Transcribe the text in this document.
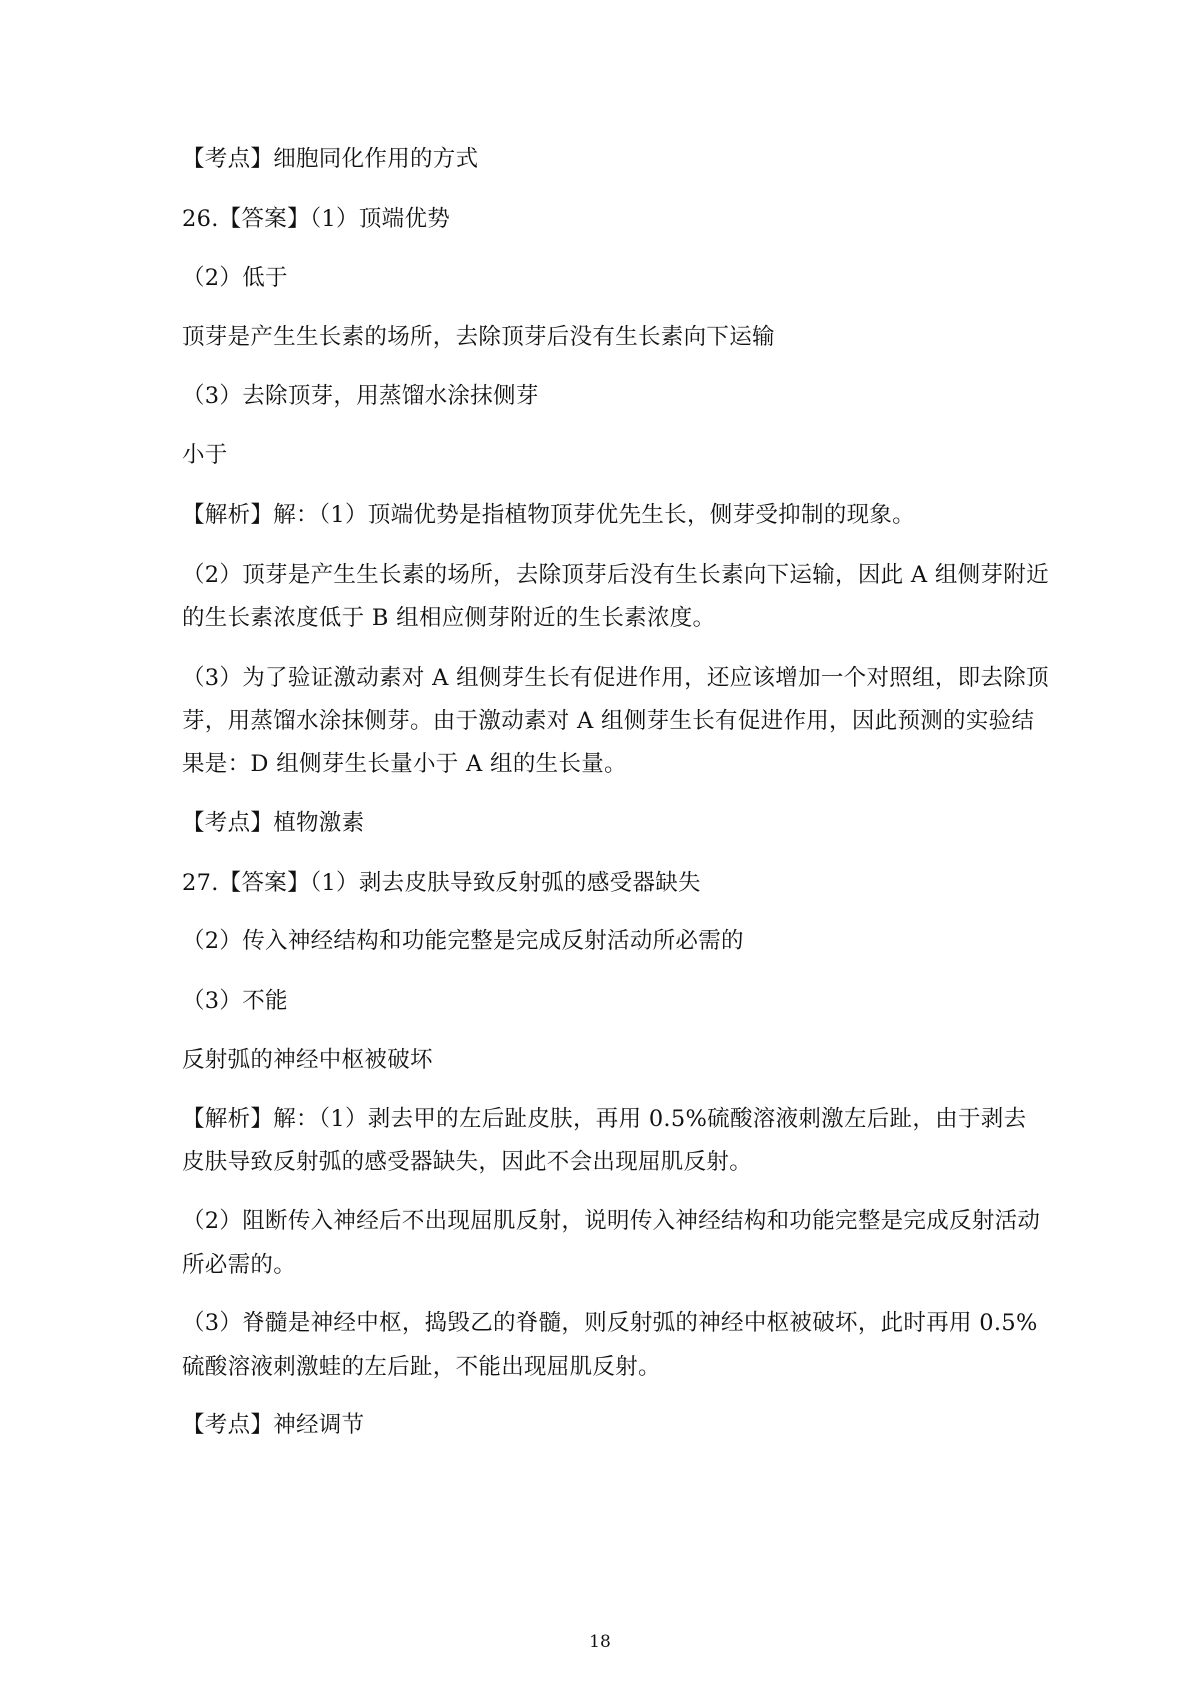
【考点】细胞同化作用的方式
26.【答案】（1）顶端优势
（2）低于
顶芽是产生生长素的场所，去除顶芽后没有生长素向下运输
（3）去除顶芽，用蒸馏水涂抹侧芽
小于
【解析】解：（1）顶端优势是指植物顶芽优先生长，侧芽受抑制的现象。
（2）顶芽是产生生长素的场所，去除顶芽后没有生长素向下运输，因此 A 组侧芽附近
的生长素浓度低于 B 组相应侧芽附近的生长素浓度。
（3）为了验证激动素对 A 组侧芽生长有促进作用，还应该增加一个对照组，即去除顶
芽，用蒸馏水涂抹侧芽。由于激动素对 A 组侧芽生长有促进作用，因此预测的实验结
果是：D 组侧芽生长量小于 A 组的生长量。
【考点】植物激素
27.【答案】（1）剥去皮肤导致反射弧的感受器缺失
（2）传入神经结构和功能完整是完成反射活动所必需的
（3）不能
反射弧的神经中枢被破坏
【解析】解：（1）剥去甲的左后趾皮肤，再用 0.5%硫酸溶液刺激左后趾，由于剥去
皮肤导致反射弧的感受器缺失，因此不会出现屈肌反射。
（2）阻断传入神经后不出现屈肌反射，说明传入神经结构和功能完整是完成反射活动
所必需的。
（3）脊髓是神经中枢，捣毁乙的脊髓，则反射弧的神经中枢被破坏，此时再用 0.5%
硫酸溶液刺激蛙的左后趾，不能出现屈肌反射。
【考点】神经调节
18
